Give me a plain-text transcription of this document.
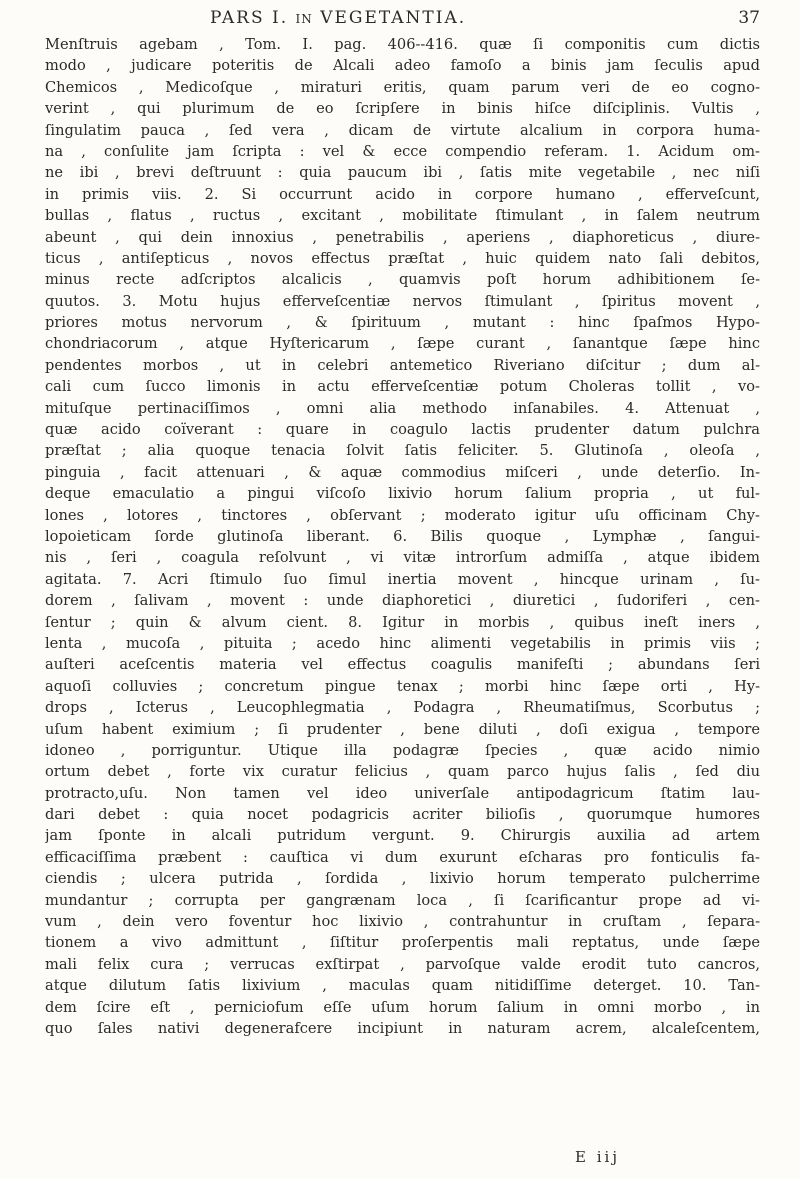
PARS I. IN VEGETANTIA.	37
Menſtruis agebam , Tom. I. pag. 406--416. quæ ſi componitis cum dictis
modo , judicare poteritis de Alcali adeo famoſo a binis jam ſeculis apud
Chemicos , Medicoſque , miraturi eritis, quam parum veri de eo cogno-
verint , qui plurimum de eo ſcripſere in binis hiſce diſciplinis. Vultis ,
ſingulatim pauca , ſed vera , dicam de virtute alcalium in corpora huma-
na , conſulite jam ſcripta : vel & ecce compendio referam. 1. Acidum om-
ne ibi , brevi deſtruunt : quia paucum ibi , ſatis mite vegetabile , nec niſi
in primis viis. 2. Si occurrunt acido in corpore humano , efferveſcunt,
bullas , flatus , ructus , excitant , mobilitate ſtimulant , in ſalem neutrum
abeunt , qui dein innoxius , penetrabilis , aperiens , diaphoreticus , diure-
ticus , antiſepticus , novos effectus præſtat , huic quidem nato ſali debitos,
minus recte adſcriptos alcalicis , quamvis poſt horum adhibitionem ſe-
quutos. 3. Motu hujus efferveſcentiæ nervos ſtimulant , ſpiritus movent ,
priores motus nervorum , & ſpirituum , mutant : hinc ſpaſmos Hypo-
chondriacorum , atque Hyſtericarum , ſæpe curant , ſanantque ſæpe hinc
pendentes morbos , ut in celebri antemetico Riveriano diſcitur ; dum al-
cali cum ſucco limonis in actu efferveſcentiæ potum Choleras tollit , vo-
mituſque pertinaciſſimos , omni alia methodo inſanabiles. 4. Attenuat ,
quæ acido coïverant : quare in coagulo lactis prudenter datum pulchra
præſtat ; alia quoque tenacia ſolvit ſatis feliciter. 5. Glutinoſa , oleoſa ,
pinguia , facit attenuari , & aquæ commodius miſceri , unde deterſio. In-
deque emaculatio a pingui viſcoſo lixivio horum ſalium propria , ut ful-
lones , lotores , tinctores , obſervant ; moderato igitur uſu officinam Chy-
lopoieticam ſorde glutinoſa liberant. 6. Bilis quoque , Lymphæ , ſangui-
nis , ſeri , coagula reſolvunt , vi vitæ introrſum admiſſa , atque ibidem
agitata. 7. Acri ſtimulo ſuo ſimul inertia movent , hincque urinam , ſu-
dorem , ſalivam , movent : unde diaphoretici , diuretici , ſudoriferi , cen-
ſentur ; quin & alvum cient. 8. Igitur in morbis , quibus ineſt iners ,
lenta , mucoſa , pituita ; acedo hinc alimenti vegetabilis in primis viis ;
auſteri aceſcentis materia vel effectus coagulis manifeſti ; abundans ſeri
aquoſi colluvies ; concretum pingue tenax ; morbi hinc ſæpe orti , Hy-
drops , Icterus , Leucophlegmatia , Podagra , Rheumatiſmus, Scorbutus ;
uſum habent eximium ; ſi prudenter , bene diluti , doſi exigua , tempore
idoneo , porriguntur. Utique illa podagræ ſpecies , quæ acido nimio
ortum debet , forte vix curatur felicius , quam parco hujus ſalis , ſed diu
protracto,uſu. Non tamen vel ideo univerſale antipodagricum ſtatim lau-
dari debet : quia nocet podagricis acriter bilioſis , quorumque humores
jam ſponte in alcali putridum vergunt. 9. Chirurgis auxilia ad artem
efficaciſſima præbent : cauſtica vi dum exurunt eſcharas pro fonticulis fa-
ciendis ; ulcera putrida , ſordida , lixivio horum temperato pulcherrime
mundantur ; corrupta per gangrænam loca , ſi ſcarificantur prope ad vi-
vum , dein vero foventur hoc lixivio , contrahuntur in cruſtam , ſepara-
tionem a vivo admittunt , ſiſtitur proſerpentis mali reptatus, unde ſæpe
mali felix cura ; verrucas exſtirpat , parvoſque valde erodit tuto cancros,
atque dilutum ſatis lixivium , maculas quam nitidiſſime deterget. 10. Tan-
dem ſcire eſt , perniciofum eſſe uſum horum ſalium in omni morbo , in
quo ſales nativi degenerafcere incipiunt in naturam acrem, alcaleſcentem,
E iij
